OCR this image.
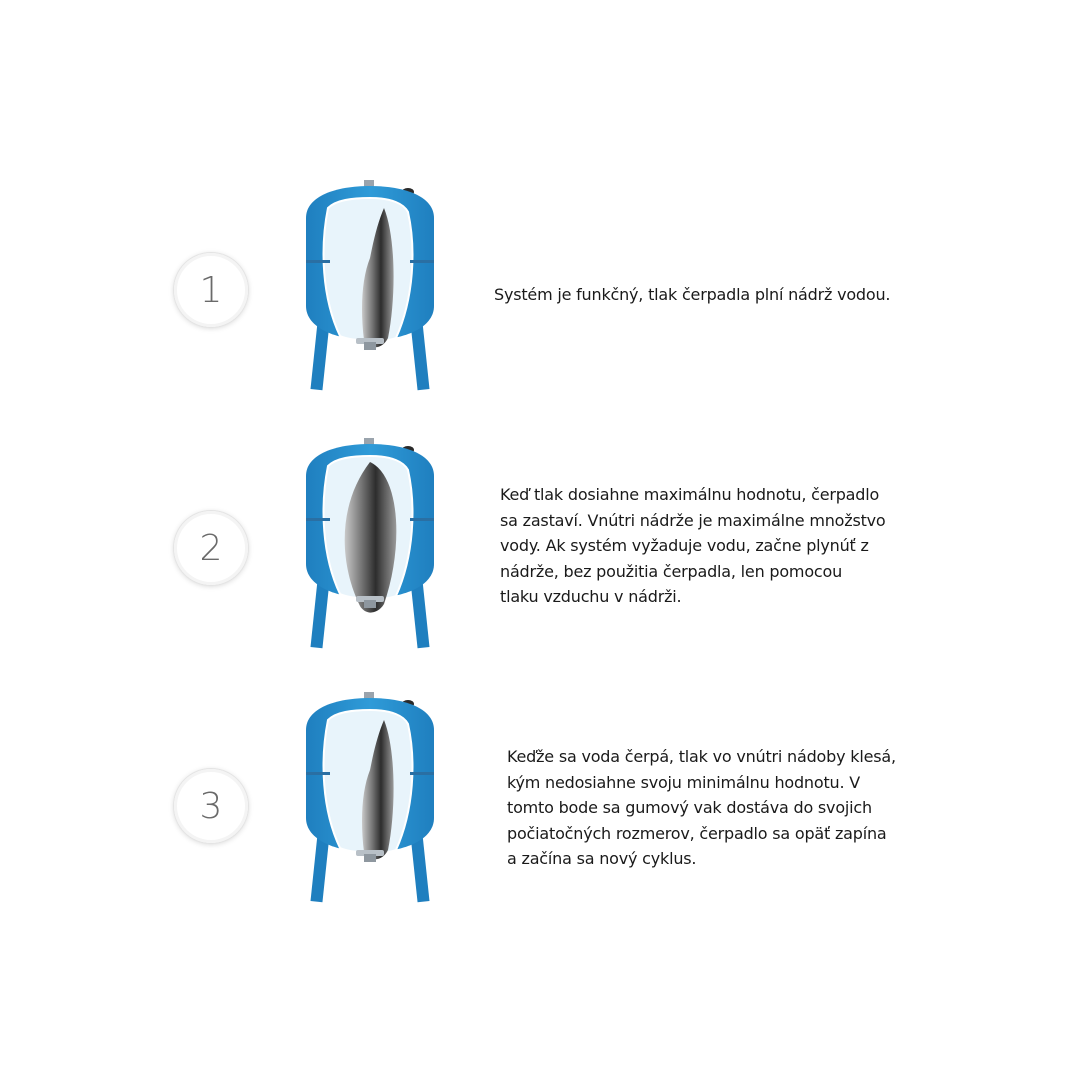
1	Systém je funkčný, tlak čerpadla plní nádrž vodou.
2
Keď tlak dosiahne maximálnu hodnotu, čerpadlo
sa zastaví. Vnútri nádrže je maximálne množstvo
vody. Ak systém vyžaduje vodu, začne plynúť z
nádrže, bez použitia čerpadla, len pomocou
tlaku vzduchu v nádrži.
3
Keďže sa voda čerpá, tlak vo vnútri nádoby klesá,
kým nedosiahne svoju minimálnu hodnotu. V
tomto bode sa gumový vak dostáva do svojich
počiatočných rozmerov, čerpadlo sa opäť zapína
a začína sa nový cyklus.
